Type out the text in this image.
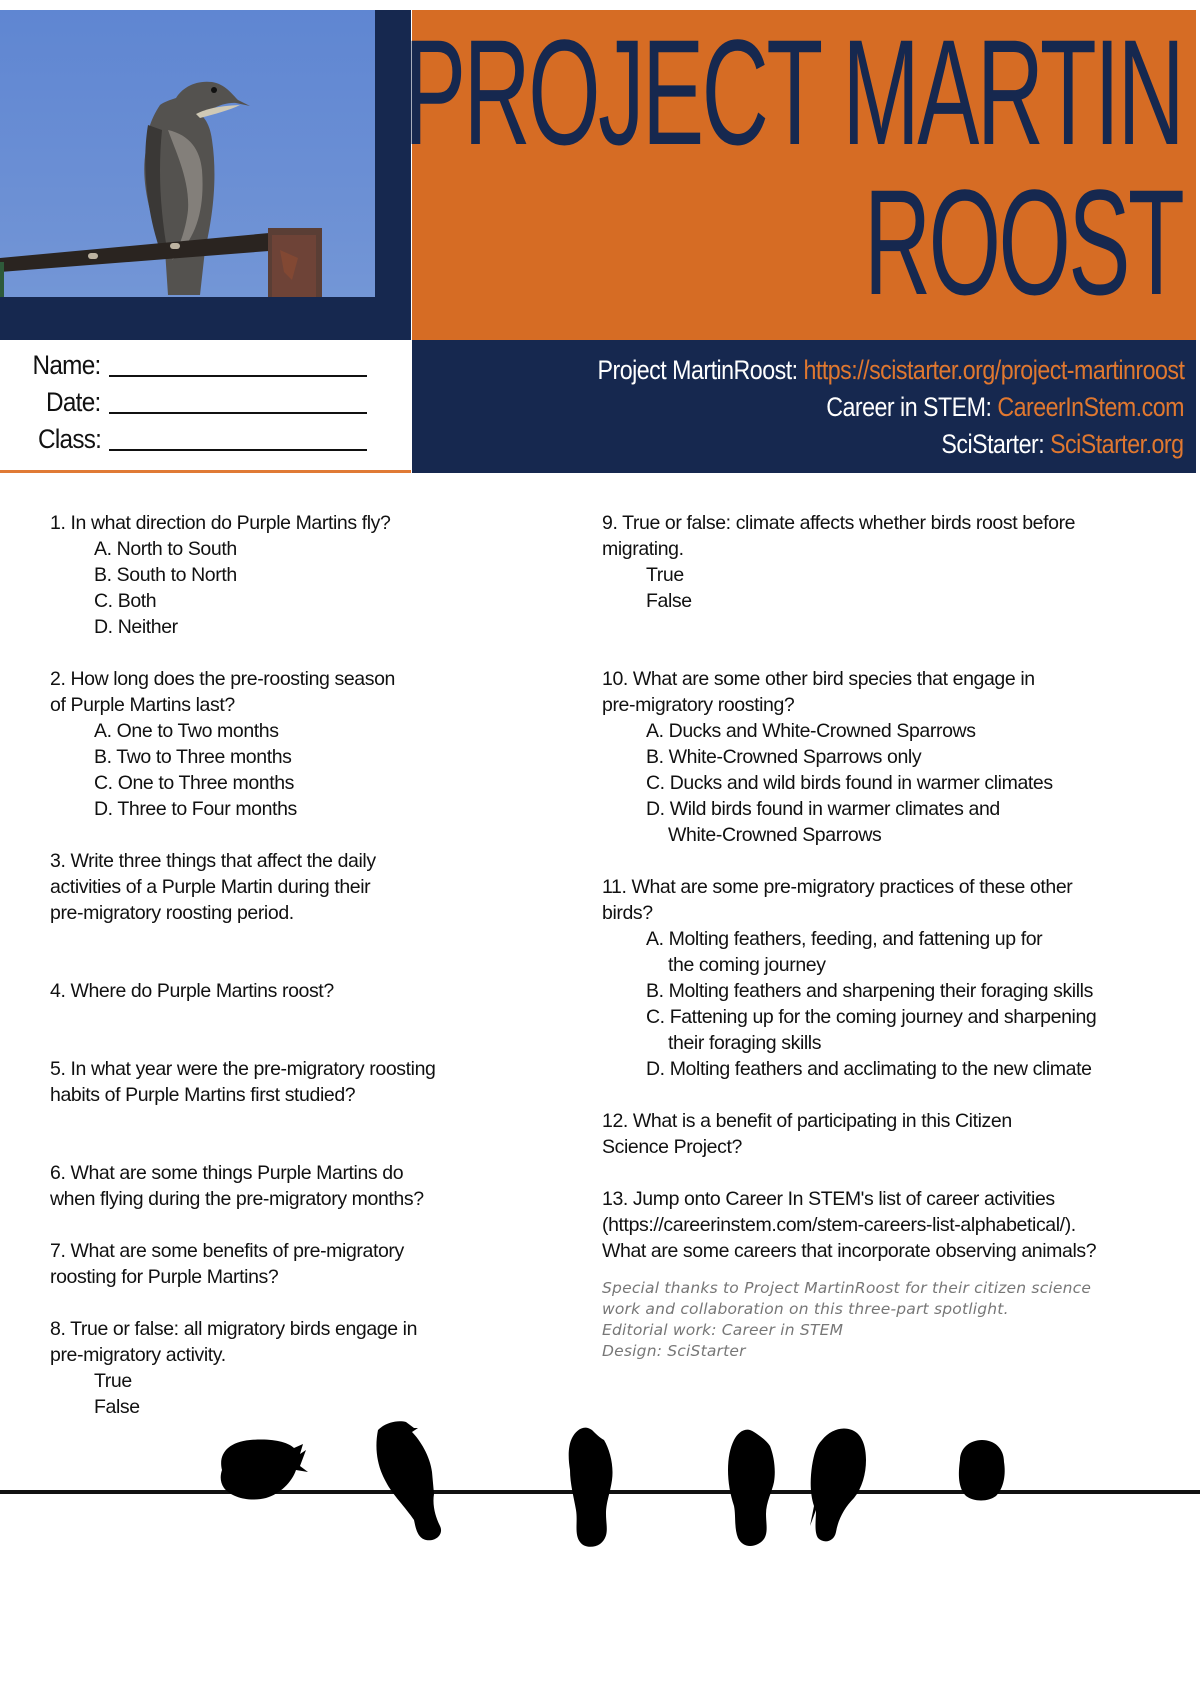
PROJECT MARTIN
ROOST
Project MartinRoost: https://scistarter.org/project-martinroost
Career in STEM: CareerInStem.com
SciStarter: SciStarter.org
Name:
Date:
Class:
1. In what direction do Purple Martins fly?
A. North to South
B. South to North
C. Both
D. Neither
2. How long does the pre-roosting season
of Purple Martins last?
A. One to Two months
B. Two to Three months
C. One to Three months
D. Three to Four months
3. Write three things that affect the daily
activities of a Purple Martin during their
pre-migratory roosting period.
4. Where do Purple Martins roost?
5. In what year were the pre-migratory roosting
habits of Purple Martins first studied?
6. What are some things Purple Martins do
when flying during the pre-migratory months?
7. What are some benefits of pre-migratory
roosting for Purple Martins?
8. True or false: all migratory birds engage in
pre-migratory activity.
True
False
9. True or false: climate affects whether birds roost before
migrating.
True
False
10. What are some other bird species that engage in
pre-migratory roosting?
A. Ducks and White-Crowned Sparrows
B. White-Crowned Sparrows only
C. Ducks and wild birds found in warmer climates
D. Wild birds found in warmer climates and
White-Crowned Sparrows
11. What are some pre-migratory practices of these other
birds?
A. Molting feathers, feeding, and fattening up for
the coming journey
B. Molting feathers and sharpening their foraging skills
C. Fattening up for the coming journey and sharpening
their foraging skills
D. Molting feathers and acclimating to the new climate
12. What is a benefit of participating in this Citizen
Science Project?
13. Jump onto Career In STEM's list of career activities
(https://careerinstem.com/stem-careers-list-alphabetical/).
What are some careers that incorporate observing animals?
Special thanks to Project MartinRoost for their citizen science
work and collaboration on this three-part spotlight.
Editorial work: Career in STEM
Design: SciStarter
